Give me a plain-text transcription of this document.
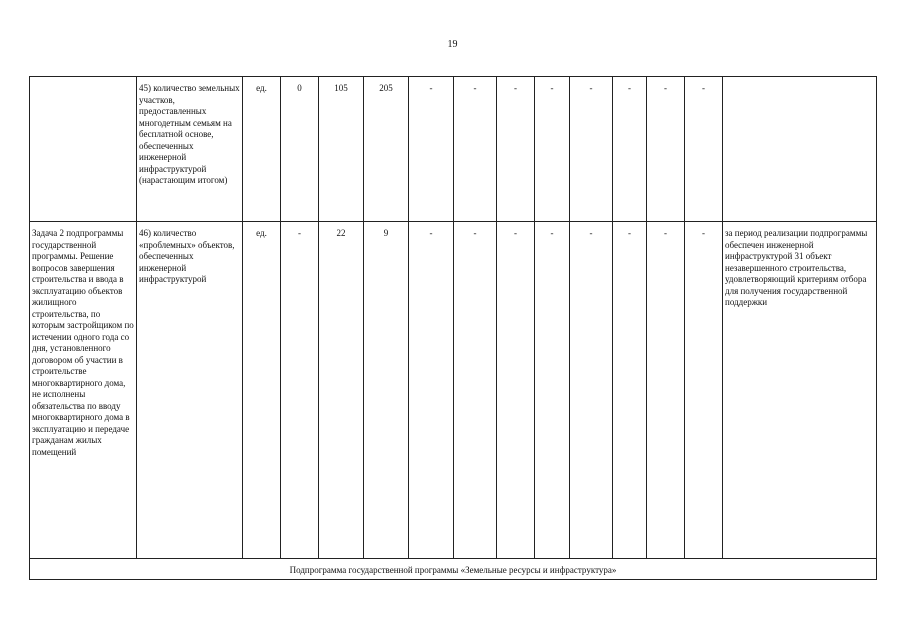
19
	45) количество земельных участков, предоставленных многодетным семьям на бесплатной основе, обеспеченных инженерной инфраструктурой (нарастающим итогом)	ед.	0	105	205	-	-	-	-	-	-	-	-	
Задача 2 подпрограммы государственной программы. Решение вопросов завершения строительства и ввода в эксплуатацию объектов жилищного строительства, по которым застройщиком по истечении одного года со дня, установленного договором об участии в строительстве многоквартирного дома, не исполнены обязательства по вводу многоквартирного дома в эксплуатацию и передаче гражданам жилых помещений	46) количество «проблемных» объектов, обеспеченных инженерной инфраструктурой	ед.	-	22	9	-	-	-	-	-	-	-	-	за период реализации подпрограммы обеспечен инженерной инфраструктурой 31 объект незавершенного строительства, удовлетворяющий критериям отбора для получения государственной поддержки
Подпрограмма государственной программы «Земельные ресурсы и инфраструктура»														
